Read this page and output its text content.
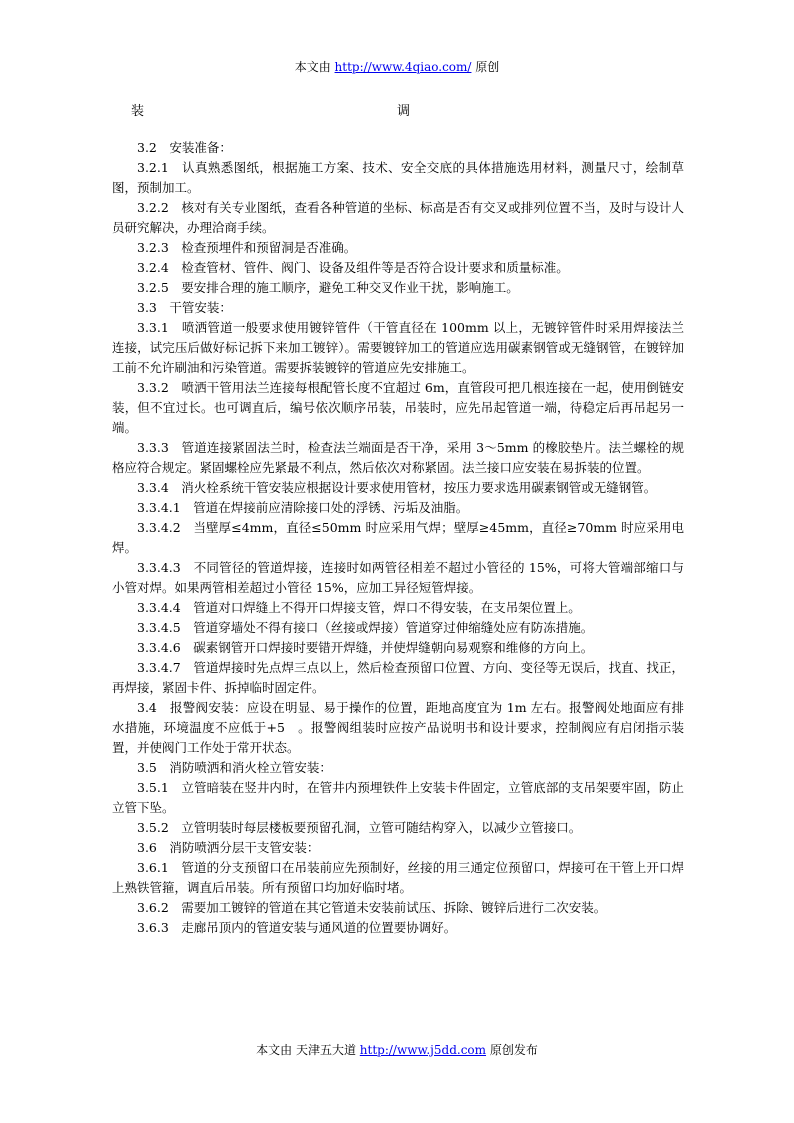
本文由 http://www.4qiao.com/ 原创
装	调

3.2　安装准备：

3.2.1　认真熟悉图纸，根据施工方案、技术、安全交底的具体措施选用材料，测量尺寸，绘制草图，预制加工。

3.2.2　核对有关专业图纸，查看各种管道的坐标、标高是否有交叉或排列位置不当，及时与设计人员研究解决，办理洽商手续。

3.2.3　检查预埋件和预留洞是否准确。

3.2.4　检查管材、管件、阀门、设备及组件等是否符合设计要求和质量标准。

3.2.5　要安排合理的施工顺序，避免工种交叉作业干扰，影响施工。

3.3　干管安装：

3.3.1　喷洒管道一般要求使用镀锌管件（干管直径在 100mm 以上，无镀锌管件时采用焊接法兰连接，试完压后做好标记拆下来加工镀锌）。需要镀锌加工的管道应选用碳素钢管或无缝钢管，在镀锌加工前不允许刷油和污染管道。需要拆装镀锌的管道应先安排施工。

3.3.2　喷洒干管用法兰连接每根配管长度不宜超过 6m，直管段可把几根连接在一起，使用倒链安装，但不宜过长。也可调直后，编号依次顺序吊装，吊装时，应先吊起管道一端，待稳定后再吊起另一端。

3.3.3　管道连接紧固法兰时，检查法兰端面是否干净，采用 3～5mm 的橡胶垫片。法兰螺栓的规格应符合规定。紧固螺栓应先紧最不利点，然后依次对称紧固。法兰接口应安装在易拆装的位置。

3.3.4　消火栓系统干管安装应根据设计要求使用管材，按压力要求选用碳素钢管或无缝钢管。

3.3.4.1　管道在焊接前应清除接口处的浮锈、污垢及油脂。

3.3.4.2　当壁厚≤4mm，直径≤50mm 时应采用气焊；壁厚≥45mm，直径≥70mm 时应采用电焊。

3.3.4.3　不同管径的管道焊接，连接时如两管径相差不超过小管径的 15%，可将大管端部缩口与小管对焊。如果两管相差超过小管径 15%，应加工异径短管焊接。

3.3.4.4　管道对口焊缝上不得开口焊接支管，焊口不得安装，在支吊架位置上。

3.3.4.5　管道穿墙处不得有接口（丝接或焊接）管道穿过伸缩缝处应有防冻措施。

3.3.4.6　碳素钢管开口焊接时要错开焊缝，并使焊缝朝向易观察和维修的方向上。

3.3.4.7　管道焊接时先点焊三点以上，然后检查预留口位置、方向、变径等无误后，找直、找正，再焊接，紧固卡件、拆掉临时固定件。

3.4　报警阀安装：应设在明显、易于操作的位置，距地高度宜为 1m 左右。报警阀处地面应有排水措施，环境温度不应低于+5　。报警阀组装时应按产品说明书和设计要求，控制阀应有启闭指示装置，并使阀门工作处于常开状态。

3.5　消防喷洒和消火栓立管安装：

3.5.1　立管暗装在竖井内时，在管井内预埋铁件上安装卡件固定，立管底部的支吊架要牢固，防止立管下坠。

3.5.2　立管明装时每层楼板要预留孔洞，立管可随结构穿入，以减少立管接口。

3.6　消防喷洒分层干支管安装：

3.6.1　管道的分支预留口在吊装前应先预制好，丝接的用三通定位预留口，焊接可在干管上开口焊上熟铁管箍，调直后吊装。所有预留口均加好临时堵。

3.6.2　需要加工镀锌的管道在其它管道未安装前试压、拆除、镀锌后进行二次安装。

3.6.3　走廊吊顶内的管道安装与通风道的位置要协调好。

本文由 天津五大道 http://www.j5dd.com 原创发布
